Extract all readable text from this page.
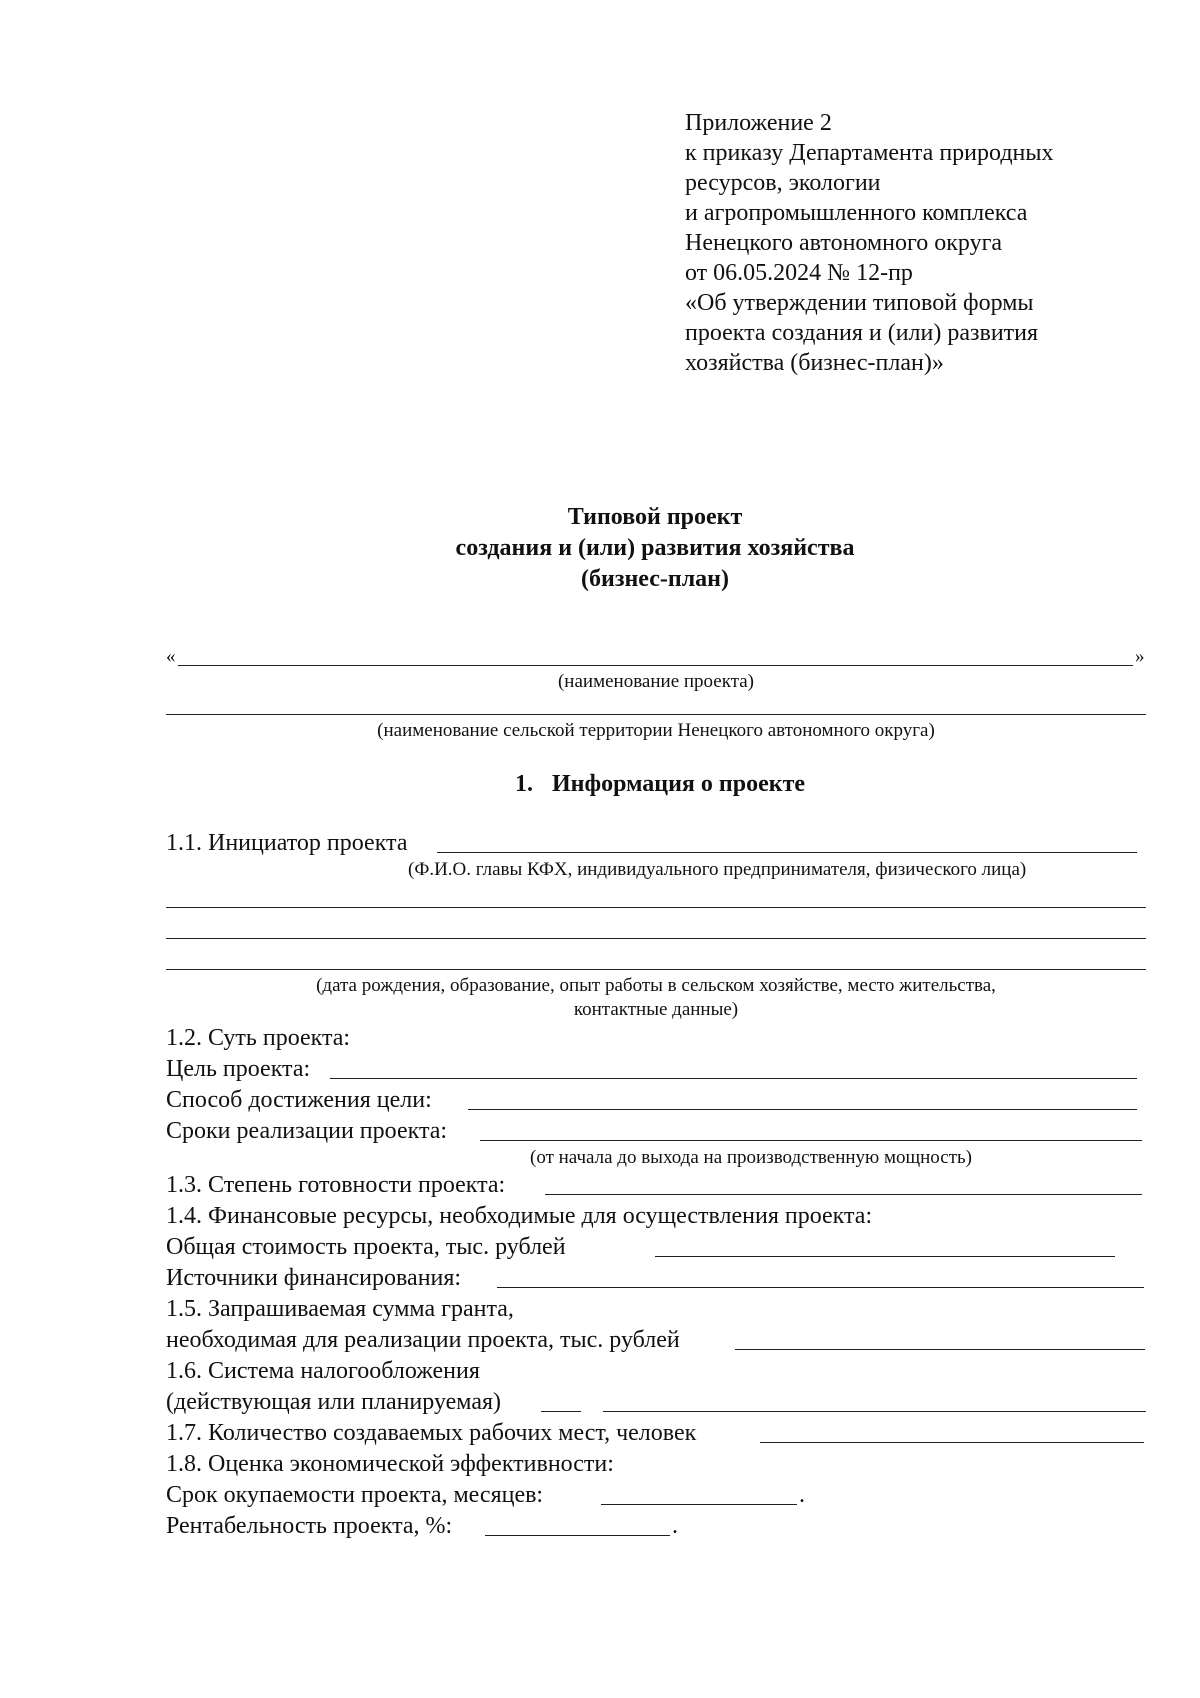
Приложение 2
к приказу Департамента природных
ресурсов, экологии
и агропромышленного комплекса
Ненецкого автономного округа
от 06.05.2024 № 12-пр
«Об утверждении типовой формы
проекта создания и (или) развития
хозяйства (бизнес-план)»
Типовой проект
создания и (или) развития хозяйства
(бизнес-план)
«	»
(наименование проекта)
(наименование сельской территории Ненецкого автономного округа)
1. Информация о проекте
1.1. Инициатор проекта
(Ф.И.О. главы КФХ, индивидуального предпринимателя, физического лица)
(дата рождения, образование, опыт работы в сельском хозяйстве, место жительства,
контактные данные)
1.2. Суть проекта:
Цель проекта:
Способ достижения цели:
Сроки реализации проекта:
(от начала до выхода на производственную мощность)
1.3. Степень готовности проекта:
1.4. Финансовые ресурсы, необходимые для осуществления проекта:
Общая стоимость проекта, тыс. рублей
Источники финансирования:
1.5. Запрашиваемая сумма гранта,
необходимая для реализации проекта, тыс. рублей
1.6. Система налогообложения
(действующая или планируемая)
1.7. Количество создаваемых рабочих мест, человек
1.8. Оценка экономической эффективности:
Срок окупаемости проекта, месяцев:	.
Рентабельность проекта, %:	.
